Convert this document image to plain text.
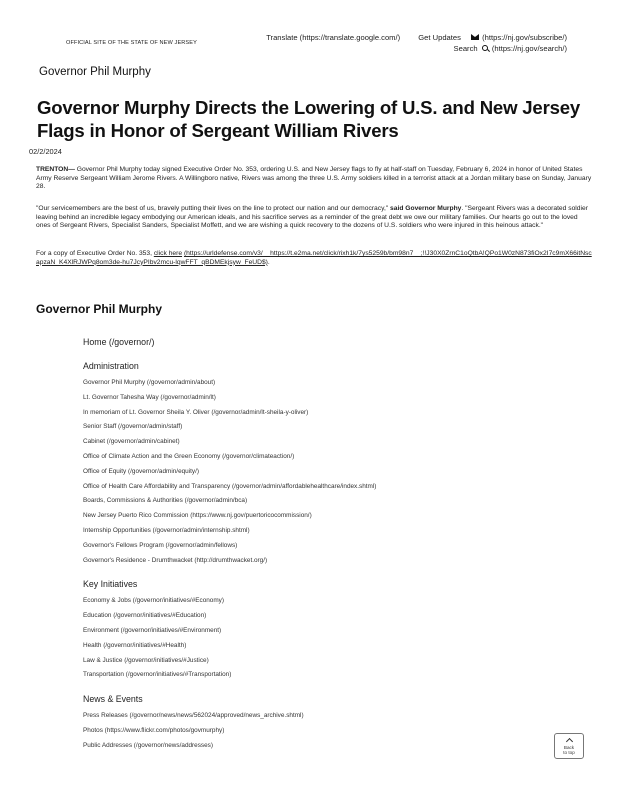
OFFICIAL SITE OF THE STATE OF NEW JERSEY
Translate (https://translate.google.com/) Get Updates	(https://nj.gov/subscribe/)
Search (https://nj.gov/search/)
Governor Phil Murphy
Governor Murphy Directs the Lowering of U.S. and New Jersey Flags in Honor of Sergeant William Rivers
02/2/2024

TRENTON— Governor Phil Murphy today signed Executive Order No. 353, ordering U.S. and New Jersey flags to fly at half-staff on Tuesday, February 6, 2024 in honor of United States Army Reserve Sergeant William Jerome Rivers. A Willingboro native, Rivers was among the three U.S. Army soldiers killed in a terrorist attack at a Jordan military base on Sunday, January 28.

"Our servicemembers are the best of us, bravely putting their lives on the line to protect our nation and our democracy," said Governor Murphy. "Sergeant Rivers was a decorated soldier leaving behind an incredible legacy embodying our American ideals, and his sacrifice serves as a reminder of the great debt we owe our military families. Our hearts go out to the loved ones of Sergeant Rivers, Specialist Sanders, Specialist Moffett, and we are wishing a quick recovery to the dozens of U.S. soldiers who were injured in this heinous attack."

For a copy of Executive Order No. 353, click here (https://urldefense.com/v3/__https://t.e2ma.net/click/rixh1k/7ys5259b/bm98n7__;!!J30X0ZrnC1oQtbA!QPo1W0zN873fiOx2I7c9mX66itNscapzaN_K4XlRJWPq8om3de-hu7JcyPIbv2mcu-lqwFFT_qBDMEkjsyw_FeUD$).

Governor Phil Murphy
Home (/governor/)
Administration
Governor Phil Murphy (/governor/admin/about)
Lt. Governor Tahesha Way (/governor/admin/lt)
In memoriam of Lt. Governor Sheila Y. Oliver (/governor/admin/lt-sheila-y-oliver)
Senior Staff (/governor/admin/staff)
Cabinet (/governor/admin/cabinet)
Office of Climate Action and the Green Economy (/governor/climateaction/)
Office of Equity (/governor/admin/equity/)
Office of Health Care Affordability and Transparency (/governor/admin/affordablehealthcare/index.shtml)
Boards, Commissions & Authorities (/governor/admin/bca)
New Jersey Puerto Rico Commission (https://www.nj.gov/puertoricocommission/)
Internship Opportunities (/governor/admin/internship.shtml)
Governor's Fellows Program (/governor/admin/fellows)
Governor's Residence - Drumthwacket (http://drumthwacket.org/)
Key Initiatives
Economy & Jobs (/governor/initiatives/#Economy)
Education (/governor/initiatives/#Education)
Environment (/governor/initiatives/#Environment)
Health (/governor/initiatives/#Health)
Law & Justice (/governor/initiatives/#Justice)
Transportation (/governor/initiatives/#Transportation)
News & Events
Press Releases (/governor/news/news/562024/approved/news_archive.shtml)
Photos (https://www.flickr.com/photos/govmurphy)
Public Addresses (/governor/news/addresses)	Back
to top
